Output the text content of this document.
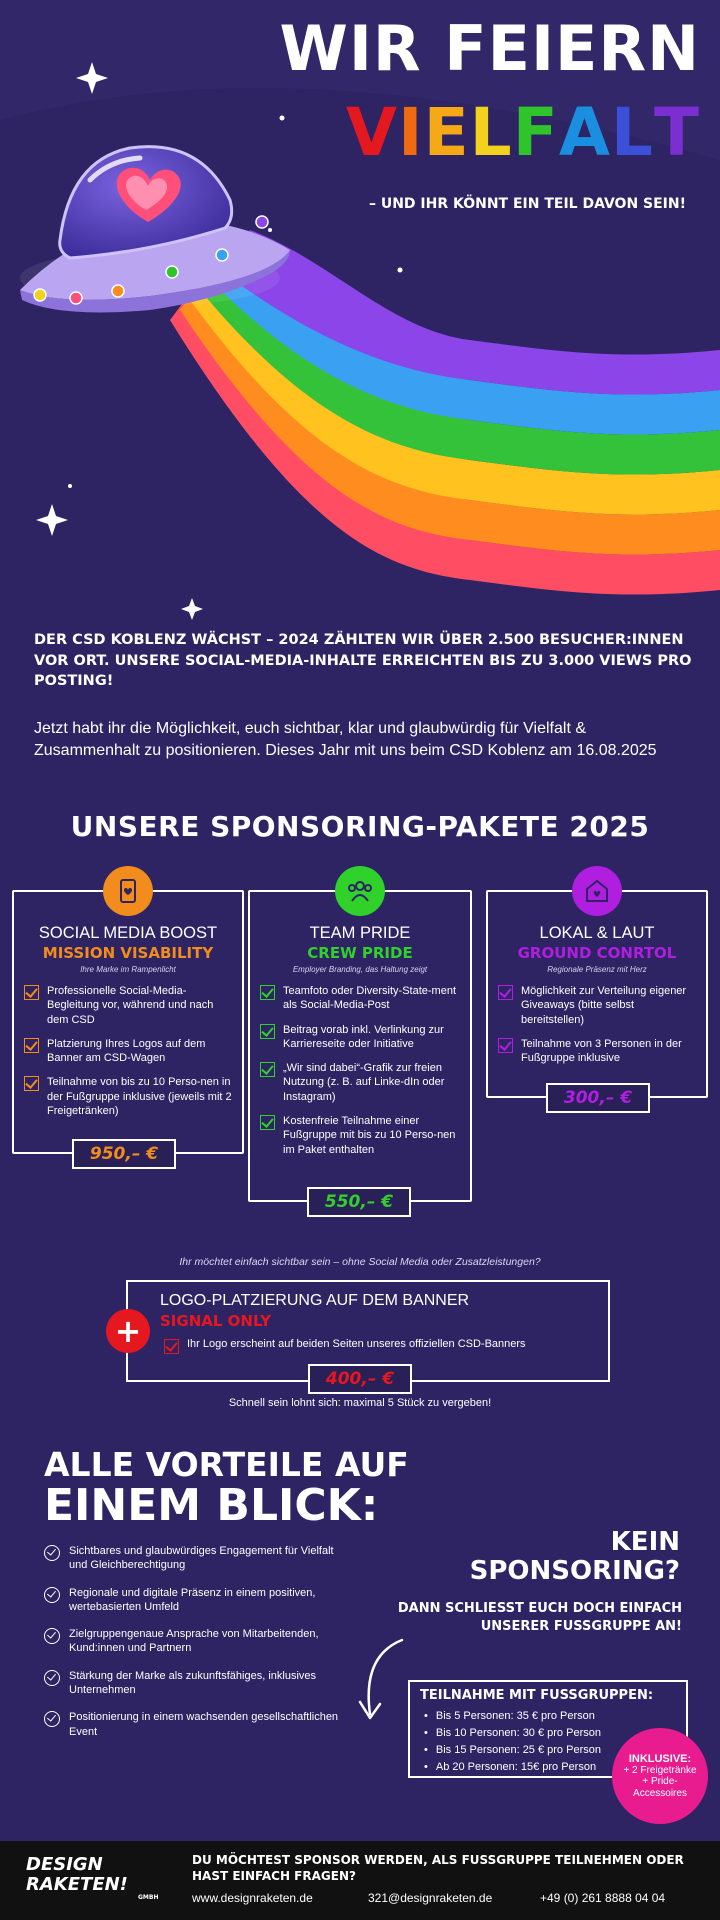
WIR FEIERN
VIELFALT
– UND IHR KÖNNT EIN TEIL DAVON SEIN!
DER CSD KOBLENZ WÄCHST – 2024 ZÄHLTEN WIR ÜBER 2.500 BESUCHER:INNEN VOR ORT. UNSERE SOCIAL-MEDIA-INHALTE ERREICHTEN BIS ZU 3.000 VIEWS PRO POSTING!
Jetzt habt ihr die Möglichkeit, euch sichtbar, klar und glaubwürdig für Vielfalt & Zusammenhalt zu positionieren. Dieses Jahr mit uns beim CSD Koblenz am 16.08.2025
UNSERE SPONSORING-PAKETE 2025
SOCIAL MEDIA BOOST
MISSION VISABILITY
Ihre Marke im Rampenlicht
Professionelle Social-Media-Begleitung vor, während und nach dem CSD
Platzierung Ihres Logos auf dem Banner am CSD-Wagen
Teilnahme von bis zu 10 Perso-nen in der Fußgruppe inklusive (jeweils mit 2 Freigetränken)
950,– €
TEAM PRIDE
CREW PRIDE
Employer Branding, das Haltung zeigt
Teamfoto oder Diversity-State-ment als Social-Media-Post
Beitrag vorab inkl. Verlinkung zur Karriereseite oder Initiative
„Wir sind dabei“-Grafik zur freien Nutzung (z. B. auf Linke-dIn oder Instagram)
Kostenfreie Teilnahme einer Fußgruppe mit bis zu 10 Perso-nen im Paket enthalten
550,– €
LOKAL & LAUT
GROUND CONRTOL
Regionale Präsenz mit Herz
Möglichkeit zur Verteilung eigener Giveaways (bitte selbst bereitstellen)
Teilnahme von 3 Personen in der Fußgruppe inklusive
300,– €
Ihr möchtet einfach sichtbar sein – ohne Social Media oder Zusatzleistungen?
LOGO-PLATZIERUNG AUF DEM BANNER
SIGNAL ONLY
Ihr Logo erscheint auf beiden Seiten unseres offiziellen CSD-Banners
+
400,– €
Schnell sein lohnt sich: maximal 5 Stück zu vergeben!
ALLE VORTEILE AUF
EINEM BLICK:
Sichtbares und glaubwürdiges Engagement für Vielfalt und Gleichberechtigung
Regionale und digitale Präsenz in einem positiven, wertebasierten Umfeld
Zielgruppengenaue Ansprache von Mitarbeitenden, Kund:innen und Partnern
Stärkung der Marke als zukunftsfähiges, inklusives Unternehmen
Positionierung in einem wachsenden gesellschaftlichen Event
KEIN
SPONSORING?
DANN SCHLIESST EUCH DOCH EINFACH
UNSERER FUSSGRUPPE AN!
TEILNAHME MIT FUSSGRUPPEN:
• Bis 5 Personen: 35 € pro Person
• Bis 10 Personen: 30 € pro Person
• Bis 15 Personen: 25 € pro Person
• Ab 20 Personen: 15€ pro Person
INKLUSIVE:
+ 2 Freigetränke
+ Pride-
Accessoires
DESIGN
RAKETEN!
GMBH
DU MÖCHTEST SPONSOR WERDEN, ALS FUSSGRUPPE TEILNEHMEN ODER HAST EINFACH FRAGEN?
www.designraketen.de	321@designraketen.de	+49 (0) 261 8888 04 04
